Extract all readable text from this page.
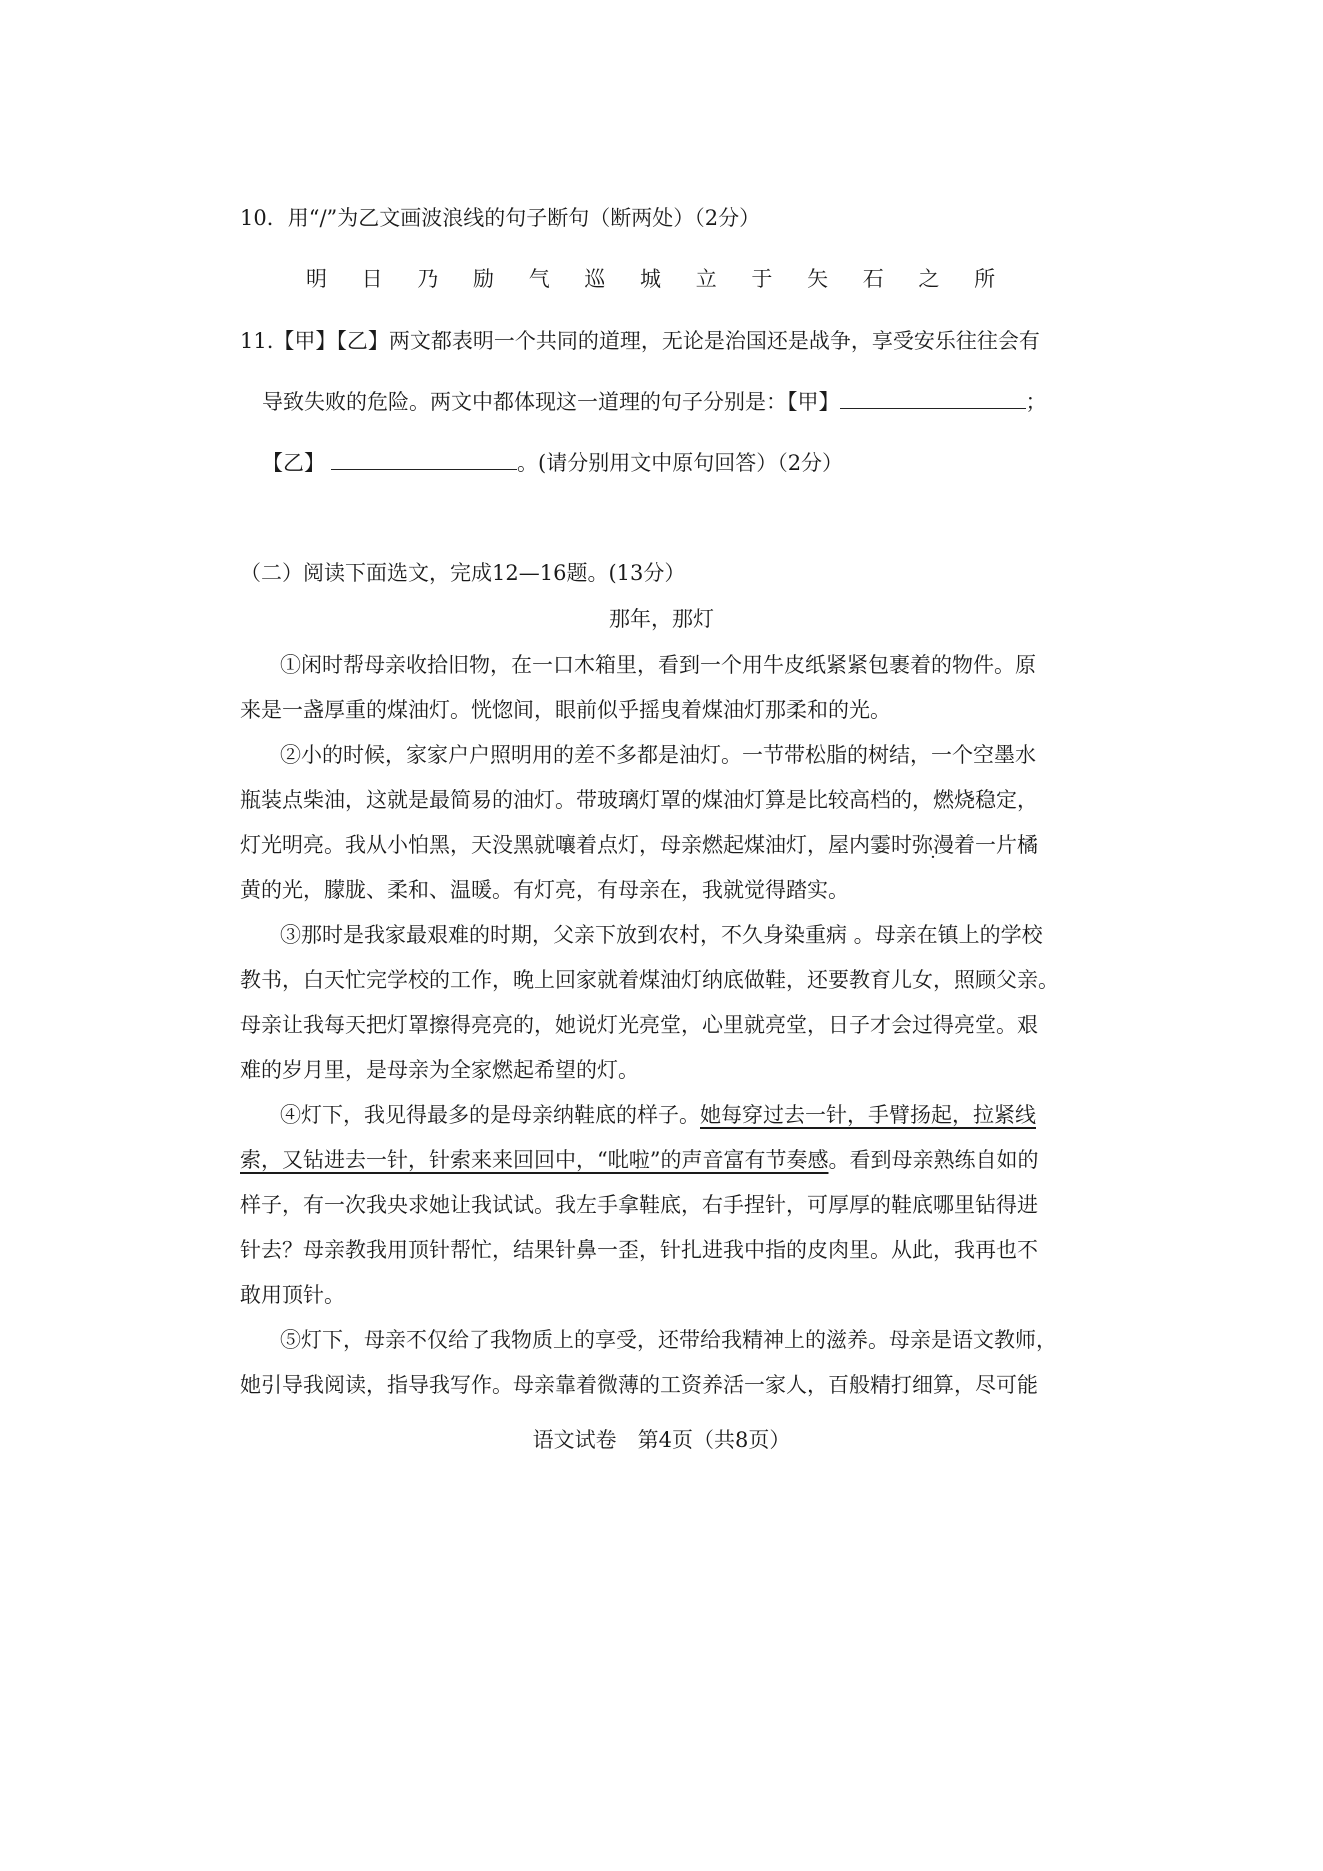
10．用“/”为乙文画波浪线的句子断句（断两处）（2分）
明 日 乃 励 气 巡 城 立 于 矢 石 之 所
11.【甲】【乙】两文都表明一个共同的道理，无论是治国还是战争，享受安乐往往会有
导致失败的危险。两文中都体现这一道理的句子分别是：【甲】	；
【乙】	。(请分别用文中原句回答）（2分）
（二）阅读下面选文，完成12—16题。(13分）
那年，那灯
①闲时帮母亲收拾旧物，在一口木箱里，看到一个用牛皮纸紧紧包裹着的物件。原
来是一盏厚重的煤油灯。恍惚间，眼前似乎摇曳着煤油灯那柔和的光。
②小的时候，家家户户照明用的差不多都是油灯。一节带松脂的树结，一个空墨水
瓶装点柴油，这就是最简易的油灯。带玻璃灯罩的煤油灯算是比较高档的，燃烧稳定，
灯光明亮。我从小怕黑，天没黑就嚷着点灯，母亲燃起煤油灯，屋内霎时弥漫着一片橘
黄的光，朦胧、柔和、温暖。有灯亮，有母亲在，我就觉得踏实。
③那时是我家最艰难的时期，父亲下放到农村，不久身染重病 。母亲在镇上的学校
教书，白天忙完学校的工作，晚上回家就着煤油灯纳底做鞋，还要教育儿女，照顾父亲。
母亲让我每天把灯罩擦得亮亮的，她说灯光亮堂，心里就亮堂，日子才会过得亮堂。艰
难的岁月里，是母亲为全家燃起希望的灯。
④灯下，我见得最多的是母亲纳鞋底的样子。她每穿过去一针，手臂扬起，拉紧线
索，又钻进去一针，针索来来回回中，“吡啦”的声音富有节奏感。看到母亲熟练自如的
样子，有一次我央求她让我试试。我左手拿鞋底，右手捏针，可厚厚的鞋底哪里钻得进
针去？母亲教我用顶针帮忙，结果针鼻一歪，针扎进我中指的皮肉里。从此，我再也不
敢用顶针。
⑤灯下，母亲不仅给了我物质上的享受，还带给我精神上的滋养。母亲是语文教师，
她引导我阅读，指导我写作。母亲靠着微薄的工资养活一家人，百般精打细算，尽可能
语文试卷　第4页（共8页）
